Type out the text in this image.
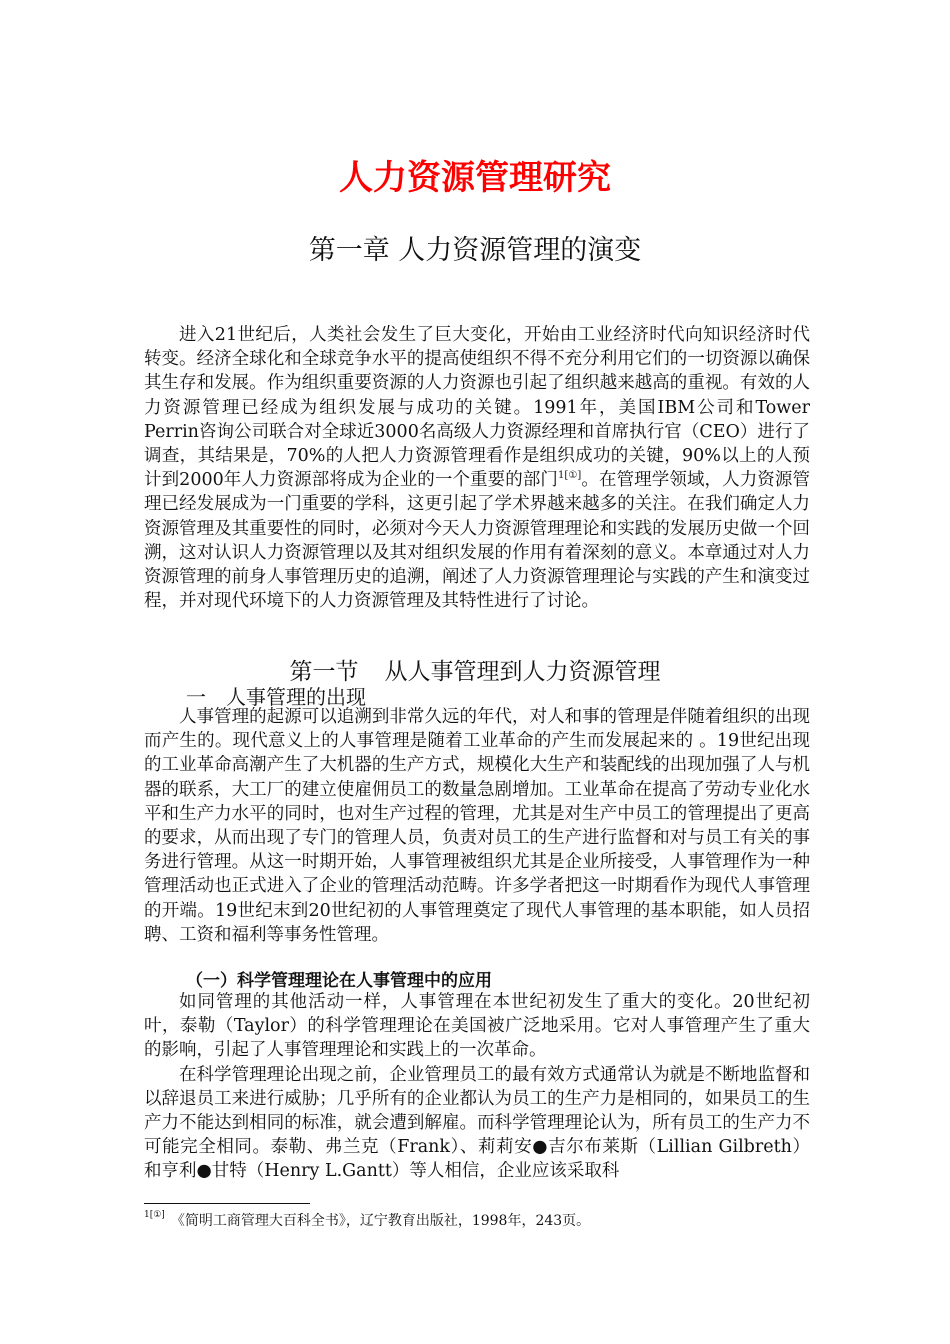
人力资源管理研究
第一章 人力资源管理的演变

进入21世纪后，人类社会发生了巨大变化，开始由工业经济时代向知识经济时代转变。经济全球化和全球竞争水平的提高使组织不得不充分利用它们的一切资源以确保其生存和发展。作为组织重要资源的人力资源也引起了组织越来越高的重视。有效的人力资源管理已经成为组织发展与成功的关键。1991年，美国IBM公司和Tower Perrin咨询公司联合对全球近3000名高级人力资源经理和首席执行官（CEO）进行了调查，其结果是，70%的人把人力资源管理看作是组织成功的关键，90%以上的人预计到2000年人力资源部将成为企业的一个重要的部门$^{1[①]}$。在管理学领域，人力资源管理已经发展成为一门重要的学科，这更引起了学术界越来越多的关注。在我们确定人力资源管理及其重要性的同时，必须对今天人力资源管理理论和实践的发展历史做一个回溯，这对认识人力资源管理以及其对组织发展的作用有着深刻的意义。本章通过对人力资源管理的前身人事管理历史的追溯，阐述了人力资源管理理论与实践的产生和演变过程，并对现代环境下的人力资源管理及其特性进行了讨论。

第一节 从人事管理到人力资源管理
一 人事管理的出现

人事管理的起源可以追溯到非常久远的年代，对人和事的管理是伴随着组织的出现而产生的。现代意义上的人事管理是随着工业革命的产生而发展起来的 。19世纪出现的工业革命高潮产生了大机器的生产方式，规模化大生产和装配线的出现加强了人与机器的联系，大工厂的建立使雇佣员工的数量急剧增加。工业革命在提高了劳动专业化水平和生产力水平的同时，也对生产过程的管理，尤其是对生产中员工的管理提出了更高的要求，从而出现了专门的管理人员，负责对员工的生产进行监督和对与员工有关的事务进行管理。从这一时期开始，人事管理被组织尤其是企业所接受，人事管理作为一种管理活动也正式进入了企业的管理活动范畴。许多学者把这一时期看作为现代人事管理的开端。19世纪末到20世纪初的人事管理奠定了现代人事管理的基本职能，如人员招聘、工资和福利等事务性管理。

（一）科学管理理论在人事管理中的应用

如同管理的其他活动一样，人事管理在本世纪初发生了重大的变化。20世纪初叶，泰勒（Taylor）的科学管理理论在美国被广泛地采用。它对人事管理产生了重大的影响，引起了人事管理理论和实践上的一次革命。

在科学管理理论出现之前，企业管理员工的最有效方式通常认为就是不断地监督和以辞退员工来进行威胁；几乎所有的企业都认为员工的生产力是相同的，如果员工的生产力不能达到相同的标准，就会遭到解雇。而科学管理理论认为，所有员工的生产力不可能完全相同。泰勒、弗兰克（Frank）、莉莉安●吉尔布莱斯（Lillian Gilbreth）和亨利●甘特（Henry L.Gantt）等人相信，企业应该采取科

$^{1[①]}$ 《简明工商管理大百科全书》，辽宁教育出版社，1998年，243页。
